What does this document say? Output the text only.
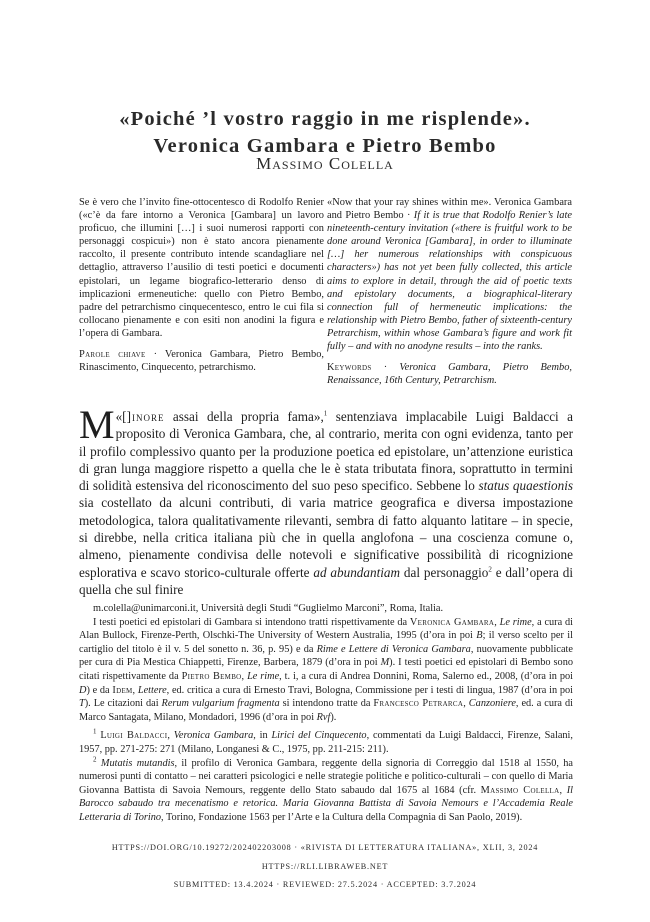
«Poiché ’l vostro raggio in me risplende».
Veronica Gambara e Pietro Bembo
Massimo Colella

Se è vero che l’invito fine-ottocentesco di Rodolfo Renier («c’è da fare intorno a Veronica [Gambara] un lavoro proficuo, che illumini […] i suoi numerosi rapporti con personaggi cospicui») non è stato ancora pienamente raccolto, il presente contributo intende scandagliare nel dettaglio, attraverso l’ausilio di testi poetici e documenti epistolari, un legame biografico-letterario denso di implicazioni ermeneutiche: quello con Pietro Bembo, padre del petrarchismo cinquecentesco, entro le cui fila si collocano pienamente e con esiti non anodini la figura e l’opera di Gambara.

Parole chiave · Veronica Gambara, Pietro Bembo, Rinascimento, Cinquecento, petrarchismo.

«Now that your ray shines within me». Veronica Gambara and Pietro Bembo · If it is true that Rodolfo Renier’s late nineteenth-century invitation («there is fruitful work to be done around Veronica [Gambara], in order to illuminate […] her numerous relationships with conspicuous characters») has not yet been fully collected, this article aims to explore in detail, through the aid of poetic texts and epistolary documents, a biographical-literary connection full of hermeneutic implications: the relationship with Pietro Bembo, father of sixteenth-century Petrarchism, within whose Gambara’s figure and work fit fully – and with no anodyne results – into the ranks.

Keywords · Veronica Gambara, Pietro Bembo, Renaissance, 16th Century, Petrarchism.

«[
M ]inore assai della propria fama»,$^1$ sentenziava implacabile Luigi Baldacci a proposito di Veronica Gambara, che, al contrario, merita con ogni evidenza, tanto per il profilo complessivo quanto per la produzione poetica ed epistolare, un’attenzione euristica di gran lunga maggiore rispetto a quella che le è stata tributata finora, soprattutto in termini di solidità estensiva del riconoscimento del suo peso specifico. Sebbene lo status quaestionis sia costellato da alcuni contributi, di varia matrice geografica e diversa impostazione metodologica, talora qualitativamente rilevanti, sembra di fatto alquanto latitare – in specie, si direbbe, nella critica italiana più che in quella anglofona – una coscienza comune o, almeno, pienamente condivisa delle notevoli e significative possibilità di ricognizione esplorativa e scavo storico-culturale offerte ad abundantiam dal personaggio$^2$ e dall’opera di quella che sul finire

m.colella@unimarconi.it, Università degli Studi “Guglielmo Marconi”, Roma, Italia.

I testi poetici ed epistolari di Gambara si intendono tratti rispettivamente da Veronica Gambara, Le rime, a cura di Alan Bullock, Firenze-Perth, Olschki-The University of Western Australia, 1995 (d’ora in poi B; il verso scelto per il cartiglio del titolo è il v. 5 del sonetto n. 36, p. 95) e da Rime e Lettere di Veronica Gambara, nuovamente pubblicate per cura di Pia Mestica Chiappetti, Firenze, Barbera, 1879 (d’ora in poi M). I testi poetici ed epistolari di Bembo sono citati rispettivamente da Pietro Bembo, Le rime, t. i, a cura di Andrea Donnini, Roma, Salerno ed., 2008, (d’ora in poi D) e da Idem, Lettere, ed. critica a cura di Ernesto Travi, Bologna, Commissione per i testi di lingua, 1987 (d’ora in poi T). Le citazioni dai Rerum vulgarium fragmenta si intendono tratte da Francesco Petrarca, Canzoniere, ed. a cura di Marco Santagata, Milano, Mondadori, 1996 (d’ora in poi Rvf).

$^1$ Luigi Baldacci, Veronica Gambara, in Lirici del Cinquecento, commentati da Luigi Baldacci, Firenze, Salani, 1957, pp. 271-275: 271 (Milano, Longanesi & C., 1975, pp. 211-215: 211).

$^2$ Mutatis mutandis, il profilo di Veronica Gambara, reggente della signoria di Correggio dal 1518 al 1550, ha numerosi punti di contatto – nei caratteri psicologici e nelle strategie politiche e politico-culturali – con quello di Maria Giovanna Battista di Savoia Nemours, reggente dello Stato sabaudo dal 1675 al 1684 (cfr. Massimo Colella, Il Barocco sabaudo tra mecenatismo e retorica. Maria Giovanna Battista di Savoia Nemours e l’Accademia Reale Letteraria di Torino, Torino, Fondazione 1563 per l’Arte e la Cultura della Compagnia di San Paolo, 2019).

HTTPS://DOI.ORG/10.19272/202402203008 · «RIVISTA DI LETTERATURA ITALIANA», XLII, 3, 2024
HTTPS://RLI.LIBRAWEB.NET
SUBMITTED: 13.4.2024 · REVIEWED: 27.5.2024 · ACCEPTED: 3.7.2024
